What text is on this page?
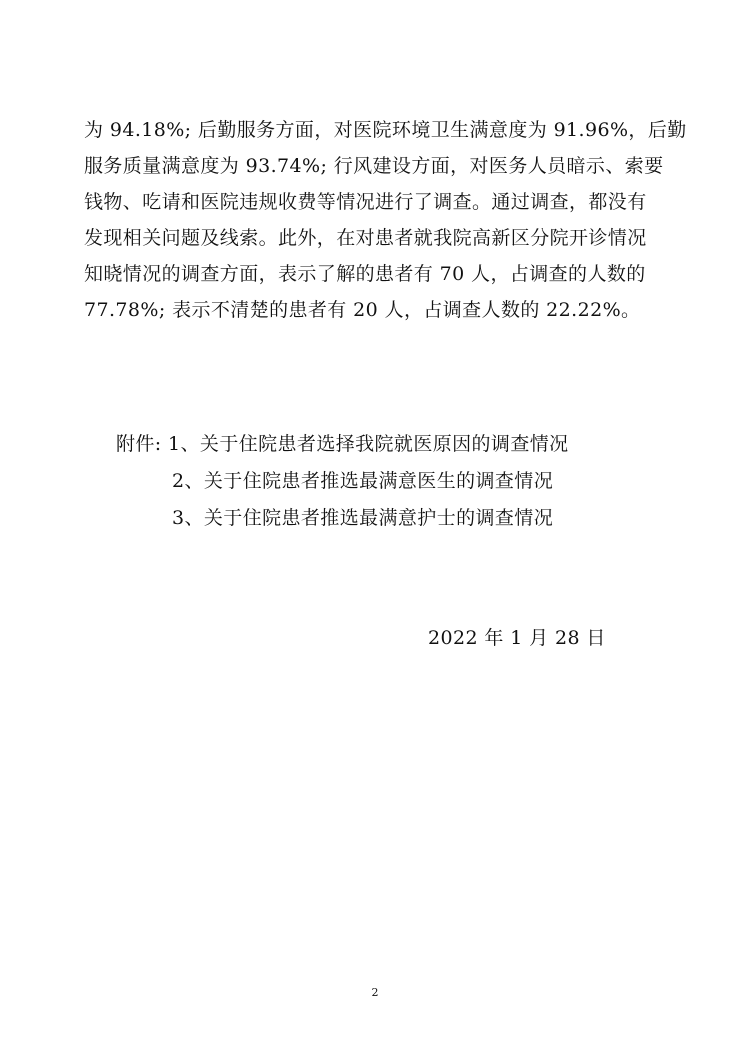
为 94.18%; 后勤服务方面，对医院环境卫生满意度为 91.96%，后勤
服务质量满意度为 93.74%; 行风建设方面，对医务人员暗示、索要
钱物、吃请和医院违规收费等情况进行了调查。通过调查，都没有
发现相关问题及线索。此外，在对患者就我院高新区分院开诊情况
知晓情况的调查方面，表示了解的患者有 70 人，占调查的人数的
77.78%; 表示不清楚的患者有 20 人，占调查人数的 22.22%。
附件: 1、关于住院患者选择我院就医原因的调查情况
2、关于住院患者推选最满意医生的调查情况
3、关于住院患者推选最满意护士的调查情况
2022 年 1 月 28 日
2
